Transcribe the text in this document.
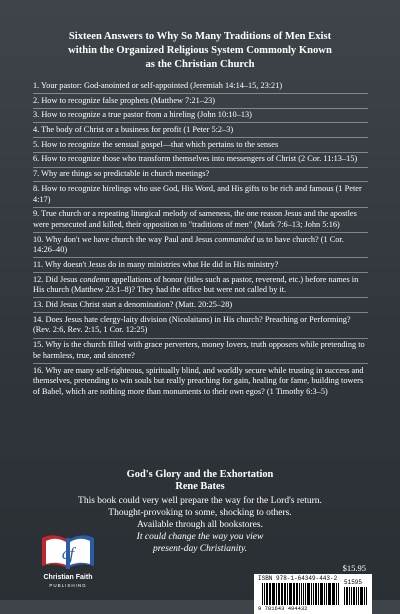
Sixteen Answers to Why So Many Traditions of Men Exist
within the Organized Religious System Commonly Known
as the Christian Church
1. Your pastor: God-anointed or self-appointed (Jeremiah 14:14–15, 23:21)
2. How to recognize false prophets (Matthew 7:21–23)
3. How to recognize a true pastor from a hireling (John 10:10–13)
4. The body of Christ or a business for profit (1 Peter 5:2–3)
5. How to recognize the sensual gospel—that which pertains to the senses
6. How to recognize those who transform themselves into messengers of Christ (2 Cor. 11:13–15)
7. Why are things so predictable in church meetings?
8. How to recognize hirelings who use God, His Word, and His gifts to be rich and famous (1 Peter 4:17)
9. True church or a repeating liturgical melody of sameness, the one reason Jesus and the apostles were persecuted and killed, their opposition to "traditions of men" (Mark 7:6–13; John 5:16)
10. Why don't we have church the way Paul and Jesus commanded us to have church? (1 Cor. 14:26–40)
11. Why doesn't Jesus do in many ministries what He did in His ministry?
12. Did Jesus condemn appellations of honor (titles such as pastor, reverend, etc.) before names in His church (Matthew 23:1–8)? They had the office but were not called by it.
13. Did Jesus Christ start a denomination? (Matt. 20:25–28)
14. Does Jesus hate clergy-laity division (Nicolaitans) in His church? Preaching or Performing? (Rev. 2:6, Rev. 2:15, 1 Cor. 12:25)
15. Why is the church filled with grace perverters, money lovers, truth opposers while pretending to be harmless, true, and sincere?
16. Why are many self-righteous, spiritually blind, and worldly secure while trusting in success and themselves, pretending to win souls but really preaching for gain, healing for fame, building towers of Babel, which are nothing more than monuments to their own egos? (1 Timothy 6:3–5)
God's Glory and the Exhortation
Rene Bates
This book could very well prepare the way for the Lord's return.
Thought-provoking to some, shocking to others.
Available through all bookstores.
It could change the way you view
present-day Christianity.
$15.95
cf
Christian Faith
PUBLISHING
ISBN 978-1-64349-443-2
51595
9 781643 494432
